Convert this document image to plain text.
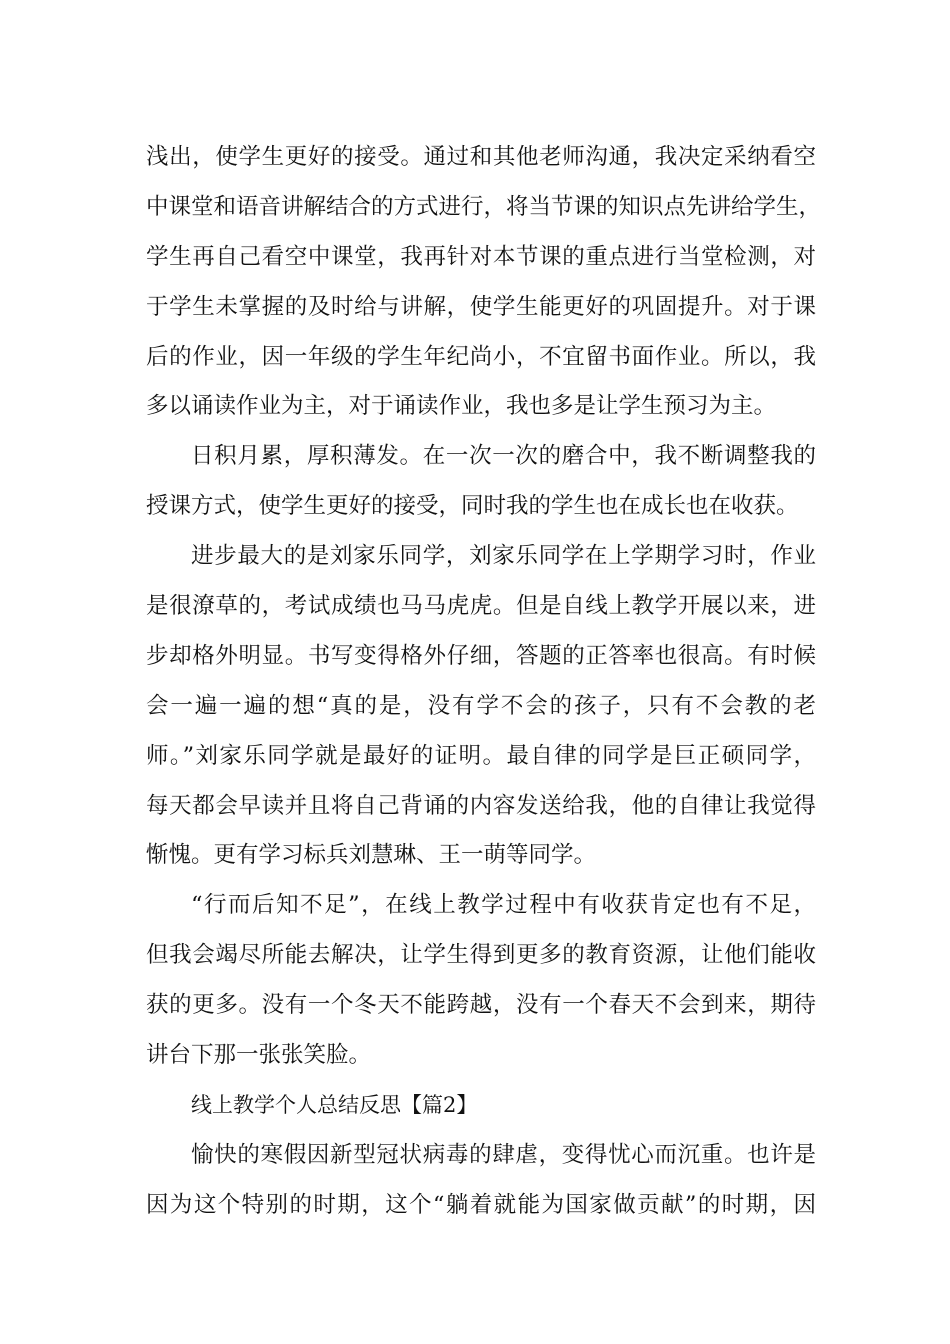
浅出，使学生更好的接受。通过和其他老师沟通，我决定采纳看空
中课堂和语音讲解结合的方式进行，将当节课的知识点先讲给学生，
学生再自己看空中课堂，我再针对本节课的重点进行当堂检测，对
于学生未掌握的及时给与讲解，使学生能更好的巩固提升。对于课
后的作业，因一年级的学生年纪尚小，不宜留书面作业。所以，我
多以诵读作业为主，对于诵读作业，我也多是让学生预习为主。
日积月累，厚积薄发。在一次一次的磨合中，我不断调整我的
授课方式，使学生更好的接受，同时我的学生也在成长也在收获。
进步最大的是刘家乐同学，刘家乐同学在上学期学习时，作业
是很潦草的，考试成绩也马马虎虎。但是自线上教学开展以来，进
步却格外明显。书写变得格外仔细，答题的正答率也很高。有时候
会一遍一遍的想“真的是，没有学不会的孩子，只有不会教的老
师。”刘家乐同学就是最好的证明。最自律的同学是巨正硕同学，
每天都会早读并且将自己背诵的内容发送给我，他的自律让我觉得
惭愧。更有学习标兵刘慧琳、王一萌等同学。
“行而后知不足”，在线上教学过程中有收获肯定也有不足，
但我会竭尽所能去解决，让学生得到更多的教育资源，让他们能收
获的更多。没有一个冬天不能跨越，没有一个春天不会到来，期待
讲台下那一张张笑脸。
线上教学个人总结反思【篇2】
愉快的寒假因新型冠状病毒的肆虐，变得忧心而沉重。也许是
因为这个特别的时期，这个“躺着就能为国家做贡献”的时期，因
